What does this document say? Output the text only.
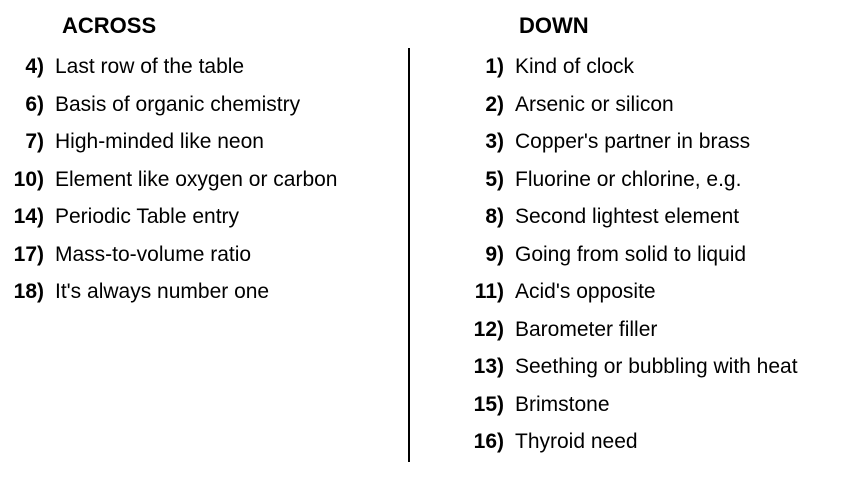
ACROSS	DOWN
4) Last row of the table
6) Basis of organic chemistry
7) High-minded like neon
10) Element like oxygen or carbon
14) Periodic Table entry
17) Mass-to-volume ratio
18) It's always number one
1) Kind of clock
2) Arsenic or silicon
3) Copper's partner in brass
5) Fluorine or chlorine, e.g.
8) Second lightest element
9) Going from solid to liquid
11) Acid's opposite
12) Barometer filler
13) Seething or bubbling with heat
15) Brimstone
16) Thyroid need
